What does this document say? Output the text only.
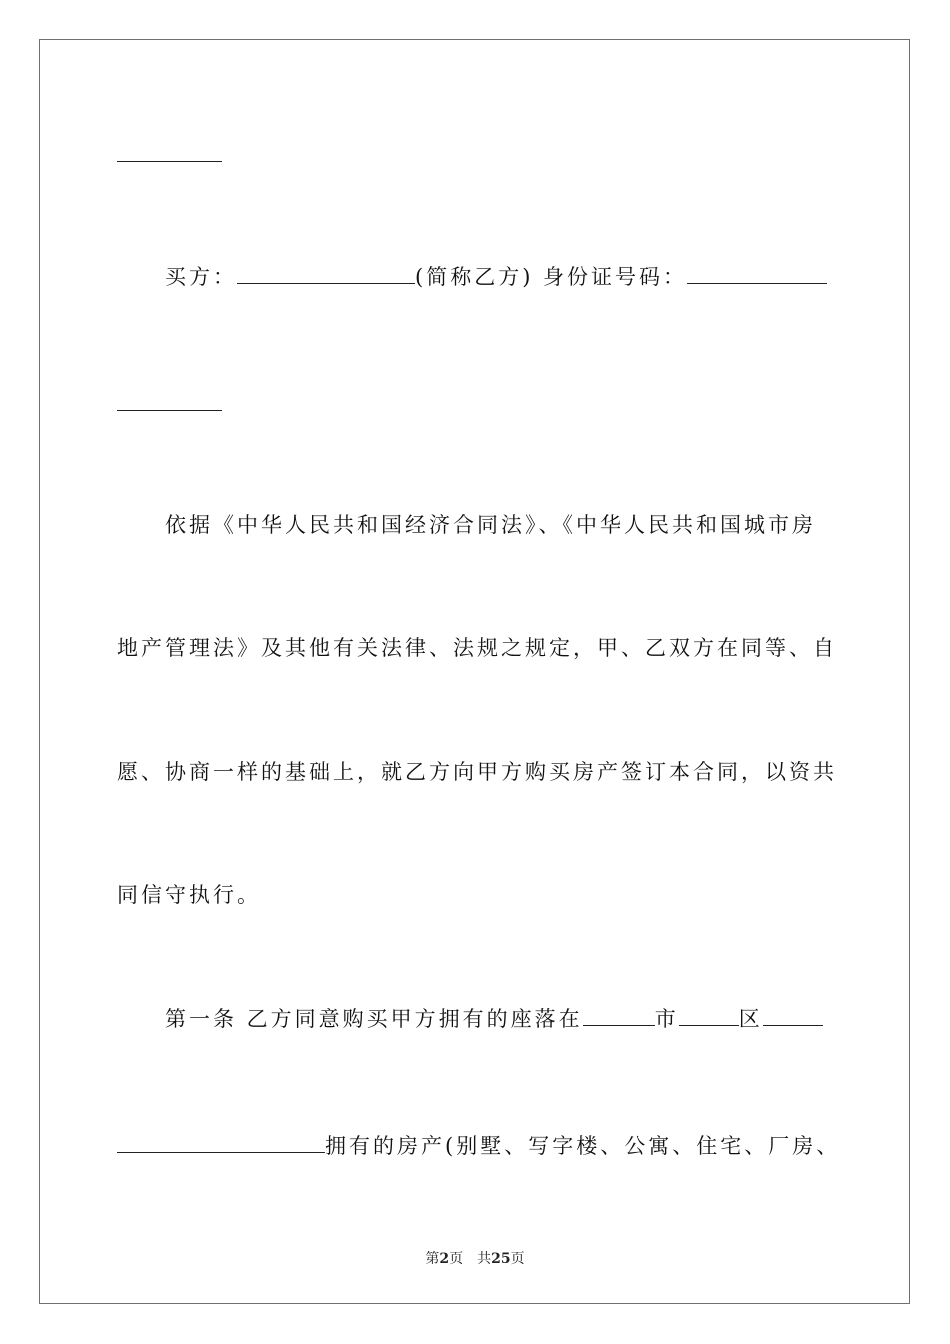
买方：	(简称乙方) 身份证号码：
依据《中华人民共和国经济合同法》、《中华人民共和国城市房
地产管理法》及其他有关法律、法规之规定，甲、乙双方在同等、自
愿、协商一样的基础上，就乙方向甲方购买房产签订本合同，以资共
同信守执行。
第一条 乙方同意购买甲方拥有的座落在	市	区
拥有的房产(别墅、写字楼、公寓、住宅、厂房、
第2页　共25页
